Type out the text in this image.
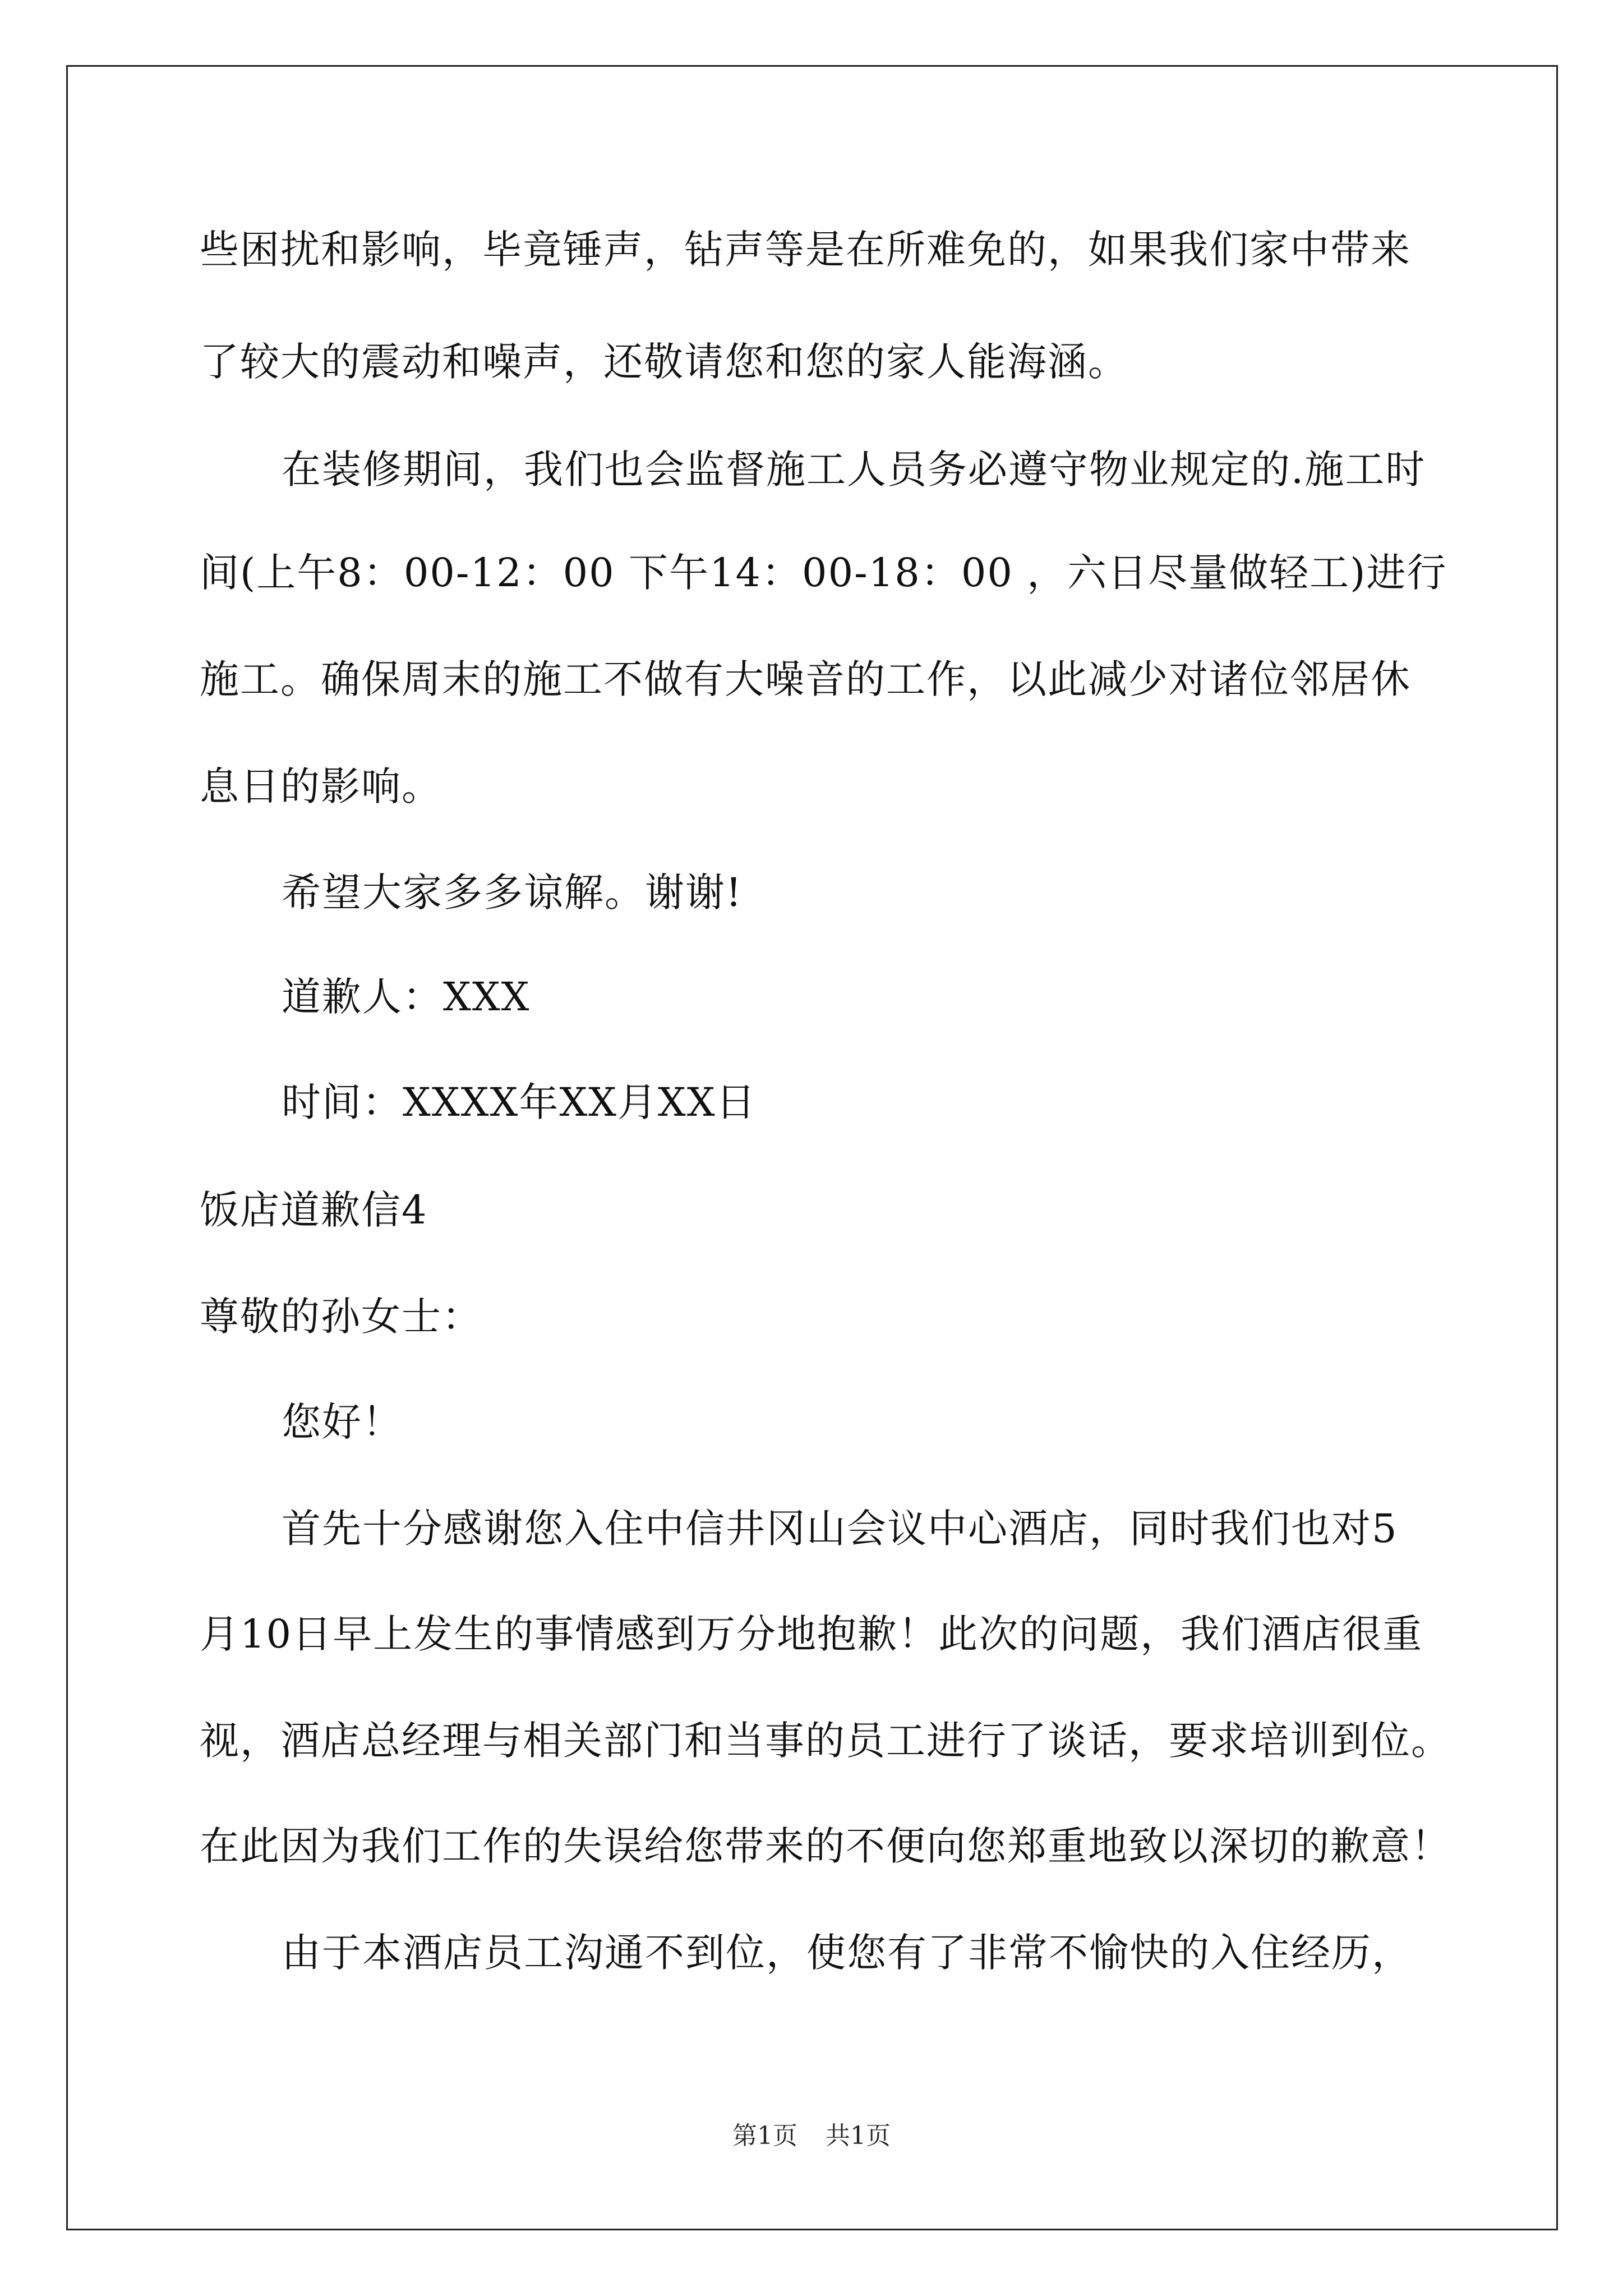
些困扰和影响，毕竟锤声，钻声等是在所难免的，如果我们家中带来
了较大的震动和噪声，还敬请您和您的家人能海涵。
在装修期间，我们也会监督施工人员务必遵守物业规定的.施工时
间(上午8：00-12：00 下午14：00-18：00 ，六日尽量做轻工)进行
施工。确保周末的施工不做有大噪音的工作，以此减少对诸位邻居休
息日的影响。
希望大家多多谅解。谢谢!
道歉人：XXX
时间：XXXX年XX月XX日
饭店道歉信4
尊敬的孙女士：
您好！
首先十分感谢您入住中信井冈山会议中心酒店，同时我们也对5
月10日早上发生的事情感到万分地抱歉！此次的问题，我们酒店很重
视，酒店总经理与相关部门和当事的员工进行了谈话，要求培训到位。
在此因为我们工作的失误给您带来的不便向您郑重地致以深切的歉意！
由于本酒店员工沟通不到位，使您有了非常不愉快的入住经历，
第1页 共1页
